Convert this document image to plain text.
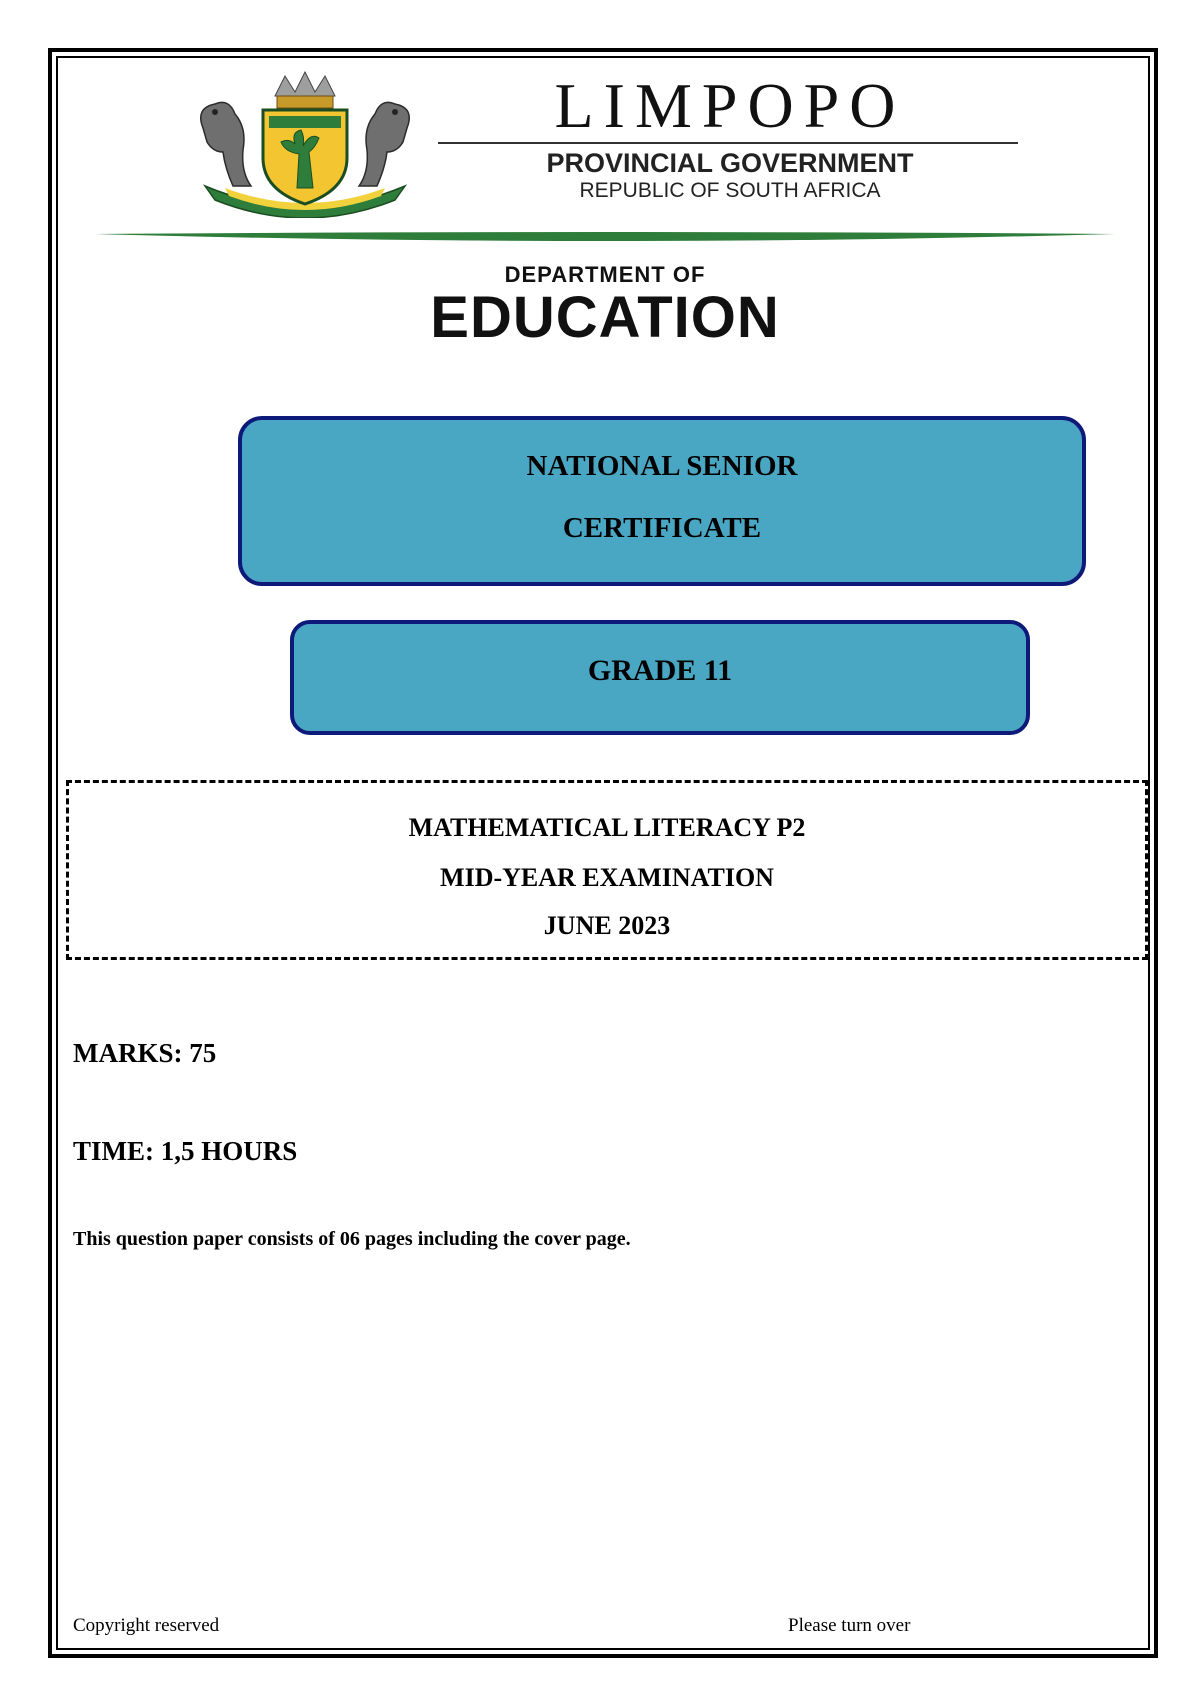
LIMPOPO
PROVINCIAL GOVERNMENT
REPUBLIC OF SOUTH AFRICA
DEPARTMENT OF
EDUCATION
NATIONAL SENIOR
CERTIFICATE
GRADE 11
MATHEMATICAL LITERACY P2
MID-YEAR EXAMINATION
JUNE 2023
MARKS: 75
TIME: 1,5 HOURS
This question paper consists of 06 pages including the cover page.
Copyright reserved	Please turn over
